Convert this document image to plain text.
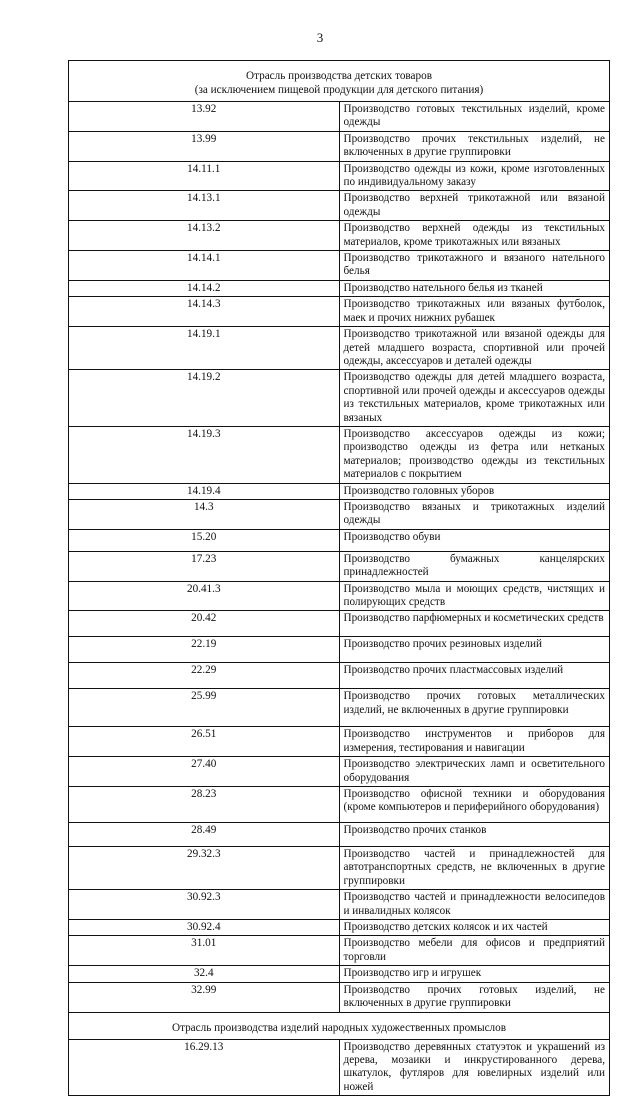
3
Отрасль производства детских товаров
(за исключением пищевой продукции для детского питания)	

13.92	Производство готовых текстильных изделий, кроме одежды
13.99	Производство прочих текстильных изделий, не включенных в другие группировки
14.11.1	Производство одежды из кожи, кроме изготовленных по индивидуальному заказу
14.13.1	Производство верхней трикотажной или вязаной одежды
14.13.2	Производство верхней одежды из текстильных материалов, кроме трикотажных или вязаных
14.14.1	Производство трикотажного и вязаного нательного белья
14.14.2	Производство нательного белья из тканей
14.14.3	Производство трикотажных или вязаных футболок, маек и прочих нижних рубашек
14.19.1	Производство трикотажной или вязаной одежды для детей младшего возраста, спортивной или прочей одежды, аксессуаров и деталей одежды
14.19.2	Производство одежды для детей младшего возраста, спортивной или прочей одежды и аксессуаров одежды из текстильных материалов, кроме трикотажных или вязаных
14.19.3	Производство аксессуаров одежды из кожи; производство одежды из фетра или нетканых материалов; производство одежды из текстильных материалов с покрытием
14.19.4	Производство головных уборов
14.3	Производство вязаных и трикотажных изделий одежды
15.20	Производство обуви
17.23	Производство бумажных канцелярских принадлежностей
20.41.3	Производство мыла и моющих средств, чистящих и полирующих средств
20.42	Производство парфюмерных и косметических средств
22.19	Производство прочих резиновых изделий
22.29	Производство прочих пластмассовых изделий
25.99	Производство прочих готовых металлических изделий, не включенных в другие группировки
26.51	Производство инструментов и приборов для измерения, тестирования и навигации
27.40	Производство электрических ламп и осветительного оборудования
28.23	Производство офисной техники и оборудования (кроме компьютеров и периферийного оборудования)
28.49	Производство прочих станков
29.32.3	Производство частей и принадлежностей для автотранспортных средств, не включенных в другие группировки
30.92.3	Производство частей и принадлежности велосипедов и инвалидных колясок
30.92.4	Производство детских колясок и их частей
31.01	Производство мебели для офисов и предприятий торговли
32.4	Производство игр и игрушек
32.99	Производство прочих готовых изделий, не включенных в другие группировки

Отрасль производства изделий народных художественных промыслов	

16.29.13	Производство деревянных статуэток и украшений из дерева, мозаики и инкрустированного дерева, шкатулок, футляров для ювелирных изделий или ножей
